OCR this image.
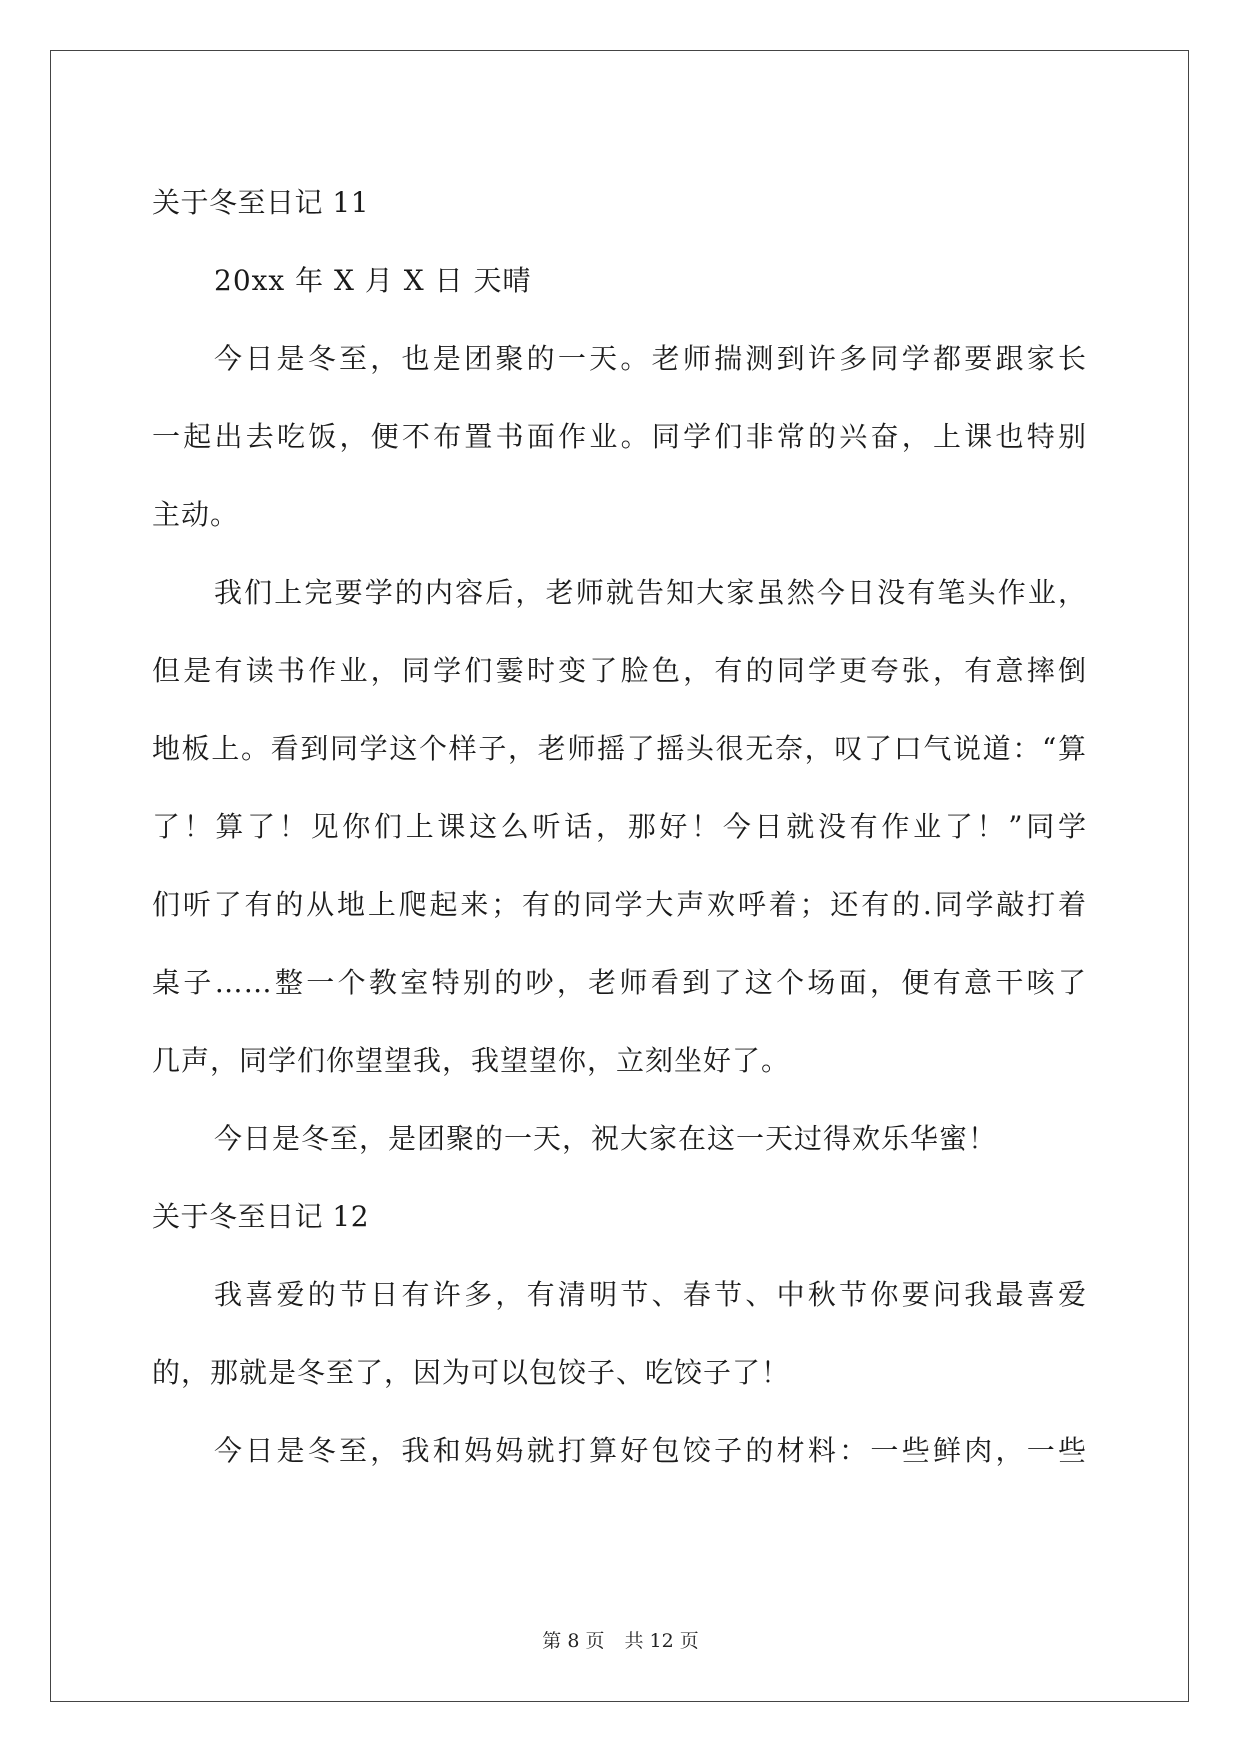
关于冬至日记 11
20xx 年 X 月 X 日 天晴
今日是冬至，也是团聚的一天。老师揣测到许多同学都要跟家长
一起出去吃饭，便不布置书面作业。同学们非常的兴奋，上课也特别
主动。
我们上完要学的内容后，老师就告知大家虽然今日没有笔头作业，
但是有读书作业，同学们霎时变了脸色，有的同学更夸张，有意摔倒
地板上。看到同学这个样子，老师摇了摇头很无奈，叹了口气说道：“算
了！算了！见你们上课这么听话，那好！今日就没有作业了！”同学
们听了有的从地上爬起来；有的同学大声欢呼着；还有的.同学敲打着
桌子……整一个教室特别的吵，老师看到了这个场面，便有意干咳了
几声，同学们你望望我，我望望你，立刻坐好了。
今日是冬至，是团聚的一天，祝大家在这一天过得欢乐华蜜！
关于冬至日记 12
我喜爱的节日有许多，有清明节、春节、中秋节你要问我最喜爱
的，那就是冬至了，因为可以包饺子、吃饺子了！
今日是冬至，我和妈妈就打算好包饺子的材料：一些鲜肉，一些
第 8 页 共 12 页
